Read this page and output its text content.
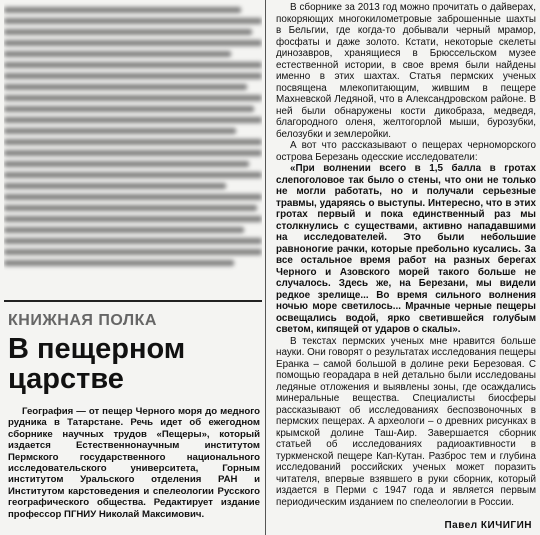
КНИЖНАЯ ПОЛКА
В пещерном царстве
География — от пещер Черного моря до медного рудника в Татарстане. Речь идет об ежегодном сборнике научных трудов «Пещеры», который издается Естественнонаучным институтом Пермского государственного национального исследовательского университета, Горным институтом Уральского отделения РАН и Институтом карстоведения и спелеологии Русского географического общества. Редактирует издание профессор ПГНИУ Николай Максимович.

В сборнике за 2013 год можно прочитать о дайверах, покоряющих многокилометровые заброшенные шахты в Бельгии, где когда-то добывали черный мрамор, фосфаты и даже золото. Кстати, некоторые скелеты динозавров, хранящиеся в Брюссельском музее естественной истории, в свое время были найдены именно в этих шахтах. Статья пермских ученых посвящена млекопитающим, жившим в пещере Махневской Ледяной, что в Александровском районе. В ней были обнаружены кости дикобраза, медведя, благородного оленя, желтогорлой мыши, бурозубки, белозубки и землеройки.

А вот что рассказывают о пещерах черноморского острова Березань одесские исследователи:

«При волнении всего в 1,5 балла в гротах слепоголовое так было о стены, что они не только не могли работать, но и получали серьезные травмы, ударяясь о выступы. Интересно, что в этих гротах первый и пока единственный раз мы столкнулись с существами, активно нападавшими на исследователей. Это были небольшие равноногие рачки, которые пребольно кусались. За все остальное время работ на разных берегах Черного и Азовского морей такого больше не случалось. Здесь же, на Березани, мы видели редкое зрелище... Во время сильного волнения ночью море светилось... Мрачные черные пещеры освещались водой, ярко светившейся голубым светом, кипящей от ударов о скалы».

В текстах пермских ученых мне нравится больше науки. Они говорят о результатах исследования пещеры Еранка – самой большой в долине реки Березовая. С помощью георадара в ней детально были исследованы ледяные отложения и выявлены зоны, где осаждались минеральные вещества. Специалисты биосферы рассказывают об исследованиях беспозвоночных в пермских пещерах. А археологи – о древних рисунках в крымской долине Таш-Аир. Завершается сборник статьей об исследованиях радиоактивности в туркменской пещере Кап-Кутан. Разброс тем и глубина исследований российских ученых может поразить читателя, впервые взявшего в руки сборник, который издается в Перми с 1947 года и является первым периодическим изданием по спелеологии в России.

Павел КИЧИГИН
